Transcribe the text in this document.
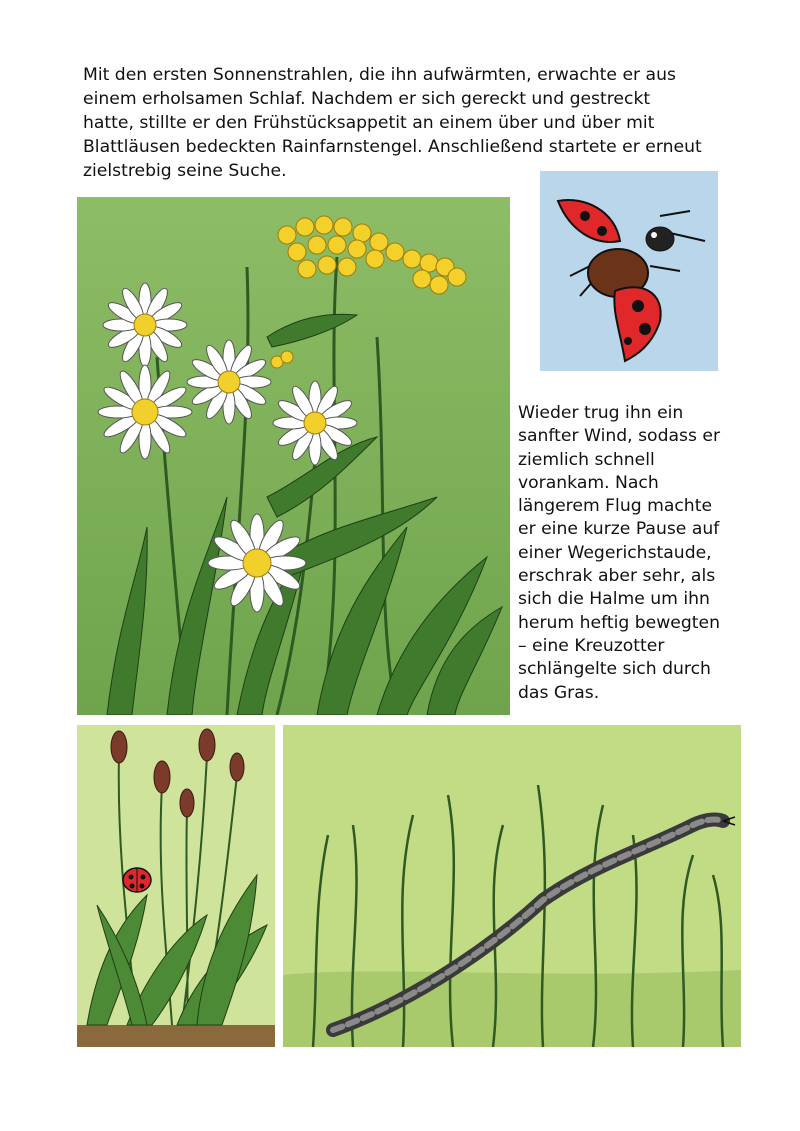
Mit den ersten Sonnenstrahlen, die ihn aufwärmten, erwachte er aus
einem erholsamen Schlaf. Nachdem er sich gereckt und gestreckt
hatte, stillte er den Frühstücksappetit an einem über und über mit
Blattläusen bedeckten Rainfarnstengel. Anschließend startete er erneut
zielstrebig seine Suche.
Wieder trug ihn ein
sanfter Wind, sodass er
ziemlich schnell
vorankam. Nach
längerem Flug machte
er eine kurze Pause auf
einer Wegerichstaude,
erschrak aber sehr, als
sich die Halme um ihn
herum heftig bewegten
– eine Kreuzotter
schlängelte sich durch
das Gras.
